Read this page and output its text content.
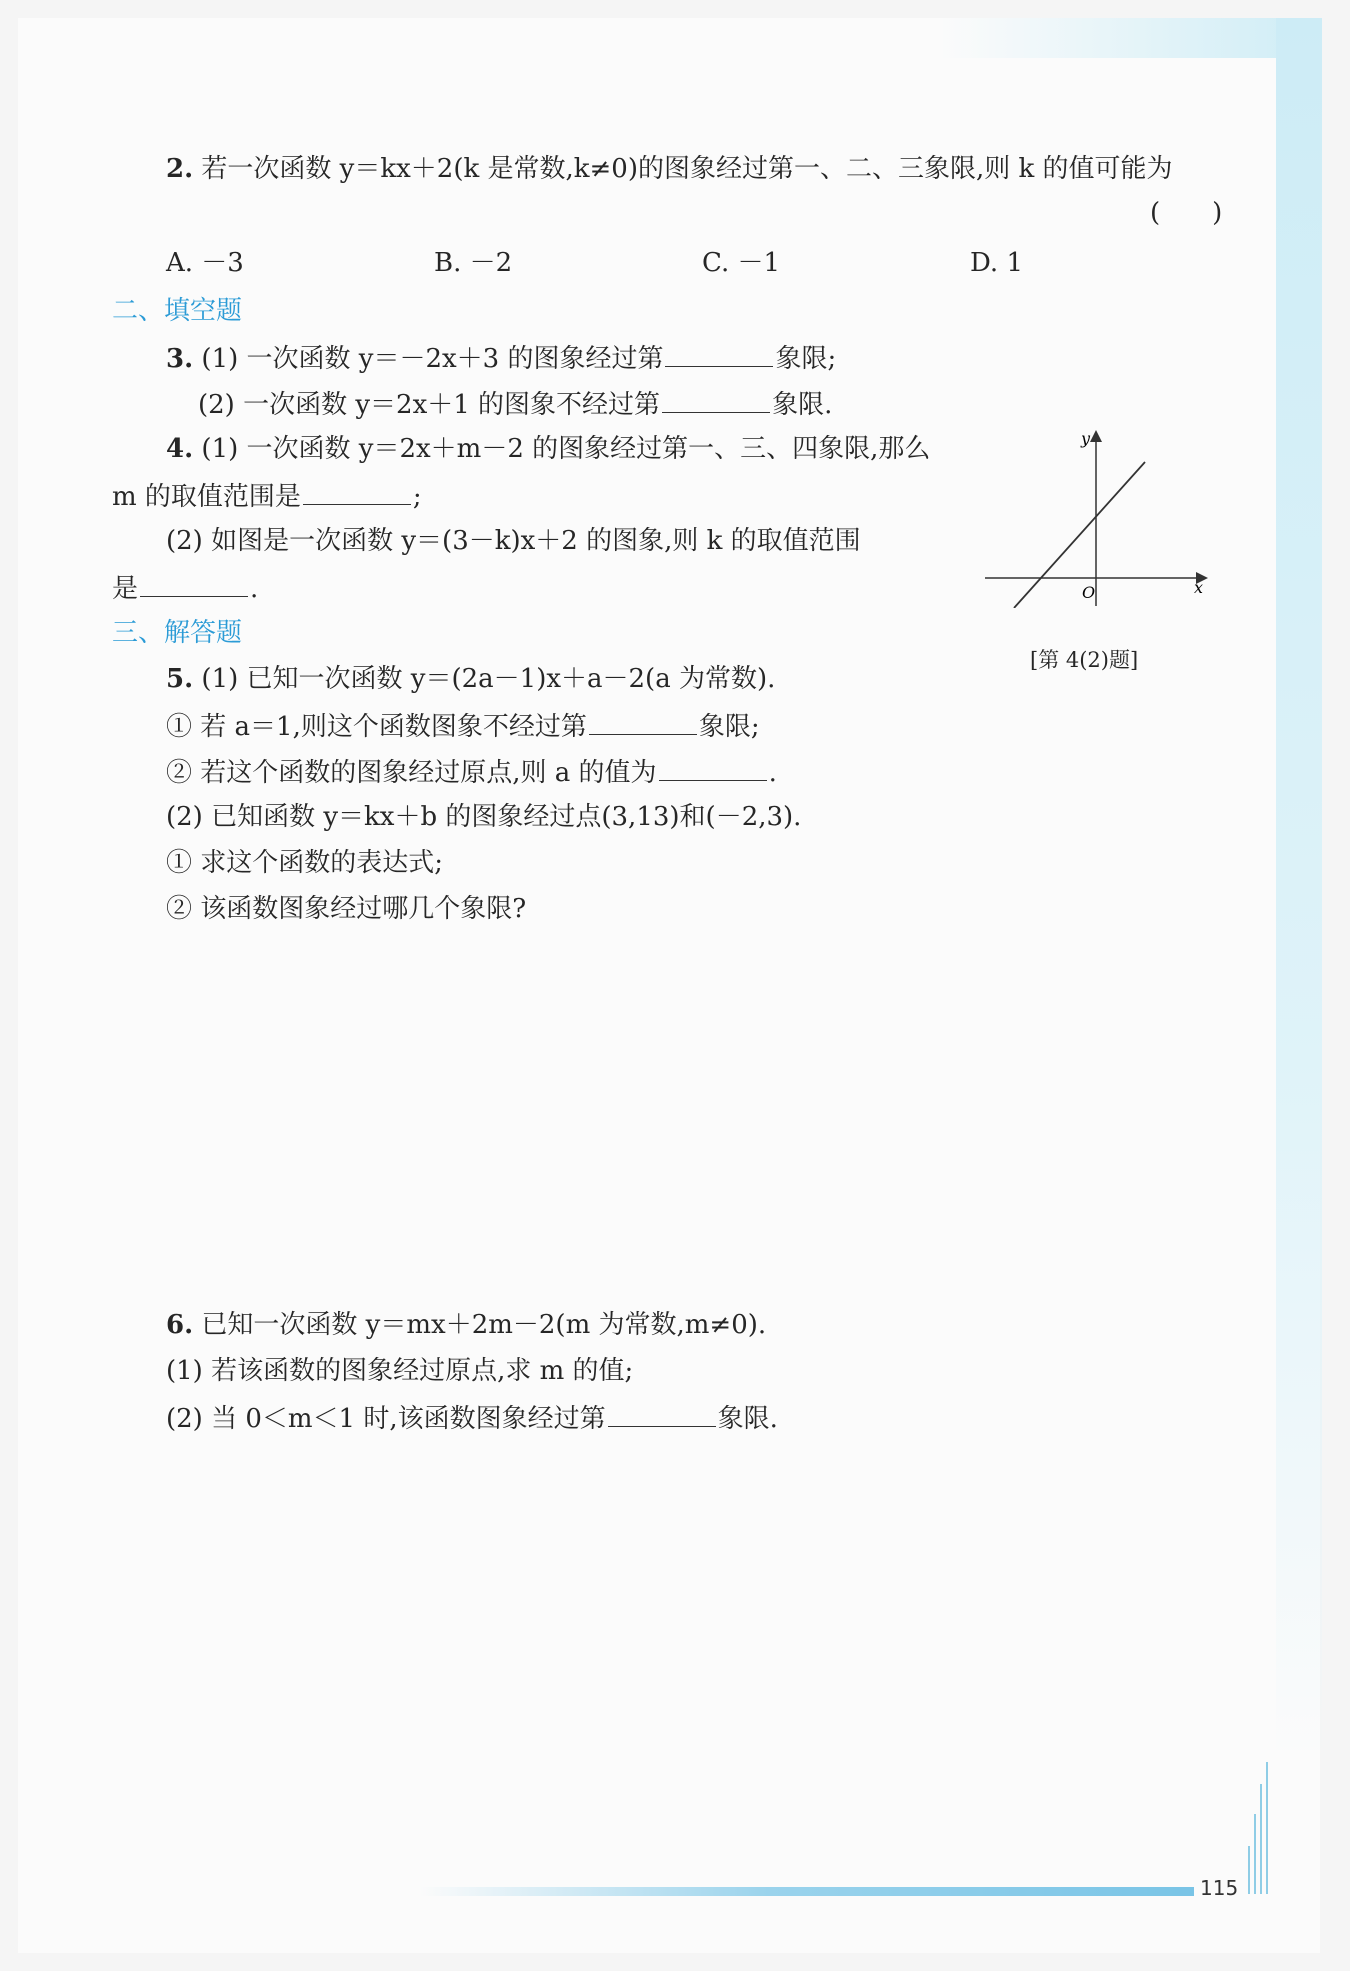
2. 若一次函数 y＝kx＋2(k 是常数,k≠0)的图象经过第一、二、三象限,则 k 的值可能为
(　　)
A. －3	B. －2	C. －1	D. 1
二、填空题
3. (1) 一次函数 y＝－2x＋3 的图象经过第	象限;
(2) 一次函数 y＝2x＋1 的图象不经过第	象限.
4. (1) 一次函数 y＝2x＋m－2 的图象经过第一、三、四象限,那么
m 的取值范围是	;
(2) 如图是一次函数 y＝(3－k)x＋2 的图象,则 k 的取值范围
是	.
y
x
O
[第 4(2)题]
三、解答题
5. (1) 已知一次函数 y＝(2a－1)x＋a－2(a 为常数).
① 若 a＝1,则这个函数图象不经过第	象限;
② 若这个函数的图象经过原点,则 a 的值为	.
(2) 已知函数 y＝kx＋b 的图象经过点(3,13)和(－2,3).
① 求这个函数的表达式;
② 该函数图象经过哪几个象限?
6. 已知一次函数 y＝mx＋2m－2(m 为常数,m≠0).
(1) 若该函数的图象经过原点,求 m 的值;
(2) 当 0＜m＜1 时,该函数图象经过第	象限.
115
